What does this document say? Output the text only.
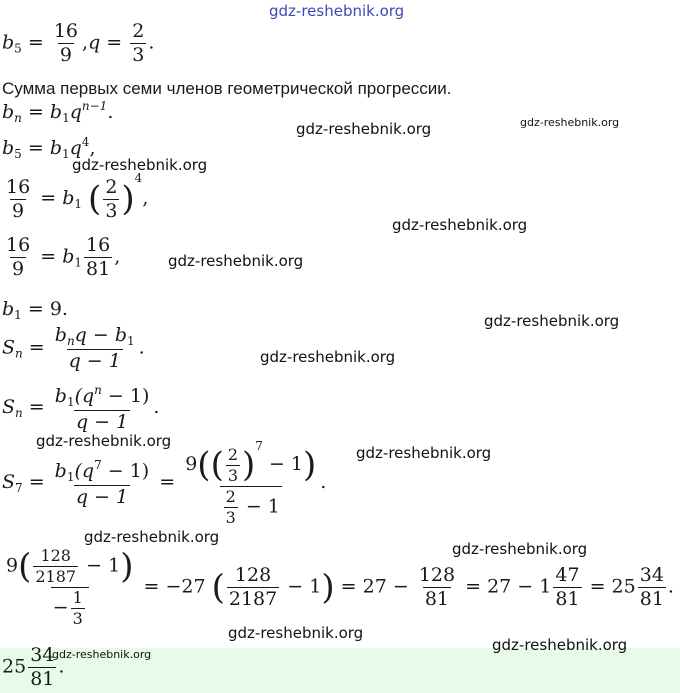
gdz-reshebnik.org
gdz-reshebnik.org	gdz-reshebnik.org
gdz-reshebnik.org
gdz-reshebnik.org
gdz-reshebnik.org
gdz-reshebnik.org
gdz-reshebnik.org
gdz-reshebnik.org
gdz-reshebnik.org
gdz-reshebnik.org
gdz-reshebnik.org
gdz-reshebnik.org
gdz-reshebnik.org
gdz-reshebnik.org
$b_5 = \frac{16}{9} ,q = \frac{2}{3}$ .
Сумма первых семи членов геометрической прогрессии.
$b_n = b_1q^{n-1}$.
$b_5 = b_1q^4$,
$\frac{16}{9} = b_1$ ( $\frac{2}{3} )^4$,
$\frac{16}{9} = b_1 \frac{16}{81}$ ,
$b_1 = 9$.
$S_n = \frac{b_nq - b_1}{q - 1}$ .
$S_n = \frac{b_1(q^n - 1)}{q - 1}$ .
$S_7 = \frac{b_1(q^7 - 1)}{q - 1} = \frac{9(( \frac{2}{3} )^7 - 1)}{\frac{2}{3} - 1}$ .
$\frac{9( \frac{128}{2187} - 1)}{- \frac{1}{3}} = -27$ ( $\frac{128}{2187} - 1) = 27 - \frac{128}{81} = 27 - 1 \frac{47}{81} = 25 \frac{34}{81}$ .
$25 \frac{34}{81}$ .
